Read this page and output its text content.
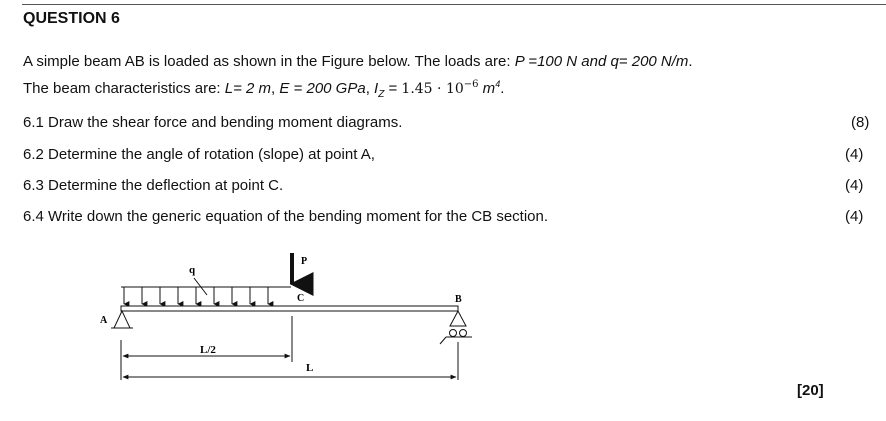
QUESTION 6
A simple beam AB is loaded as shown in the Figure below. The loads are: P =100 N and q= 200 N/m.
The beam characteristics are: L= 2 m, E = 200 GPa, $I_Z = 1.45 \cdot 10^{-6}$ $m^4$.
6.1 Draw the shear force and bending moment diagrams.	(8)
6.2 Determine the angle of rotation (slope) at point A,	(4)
6.3 Determine the deflection at point C.	(4)
6.4 Write down the generic equation of the bending moment for the CB section.	(4)
q
P
C	B
A
L/2
L
[20]
